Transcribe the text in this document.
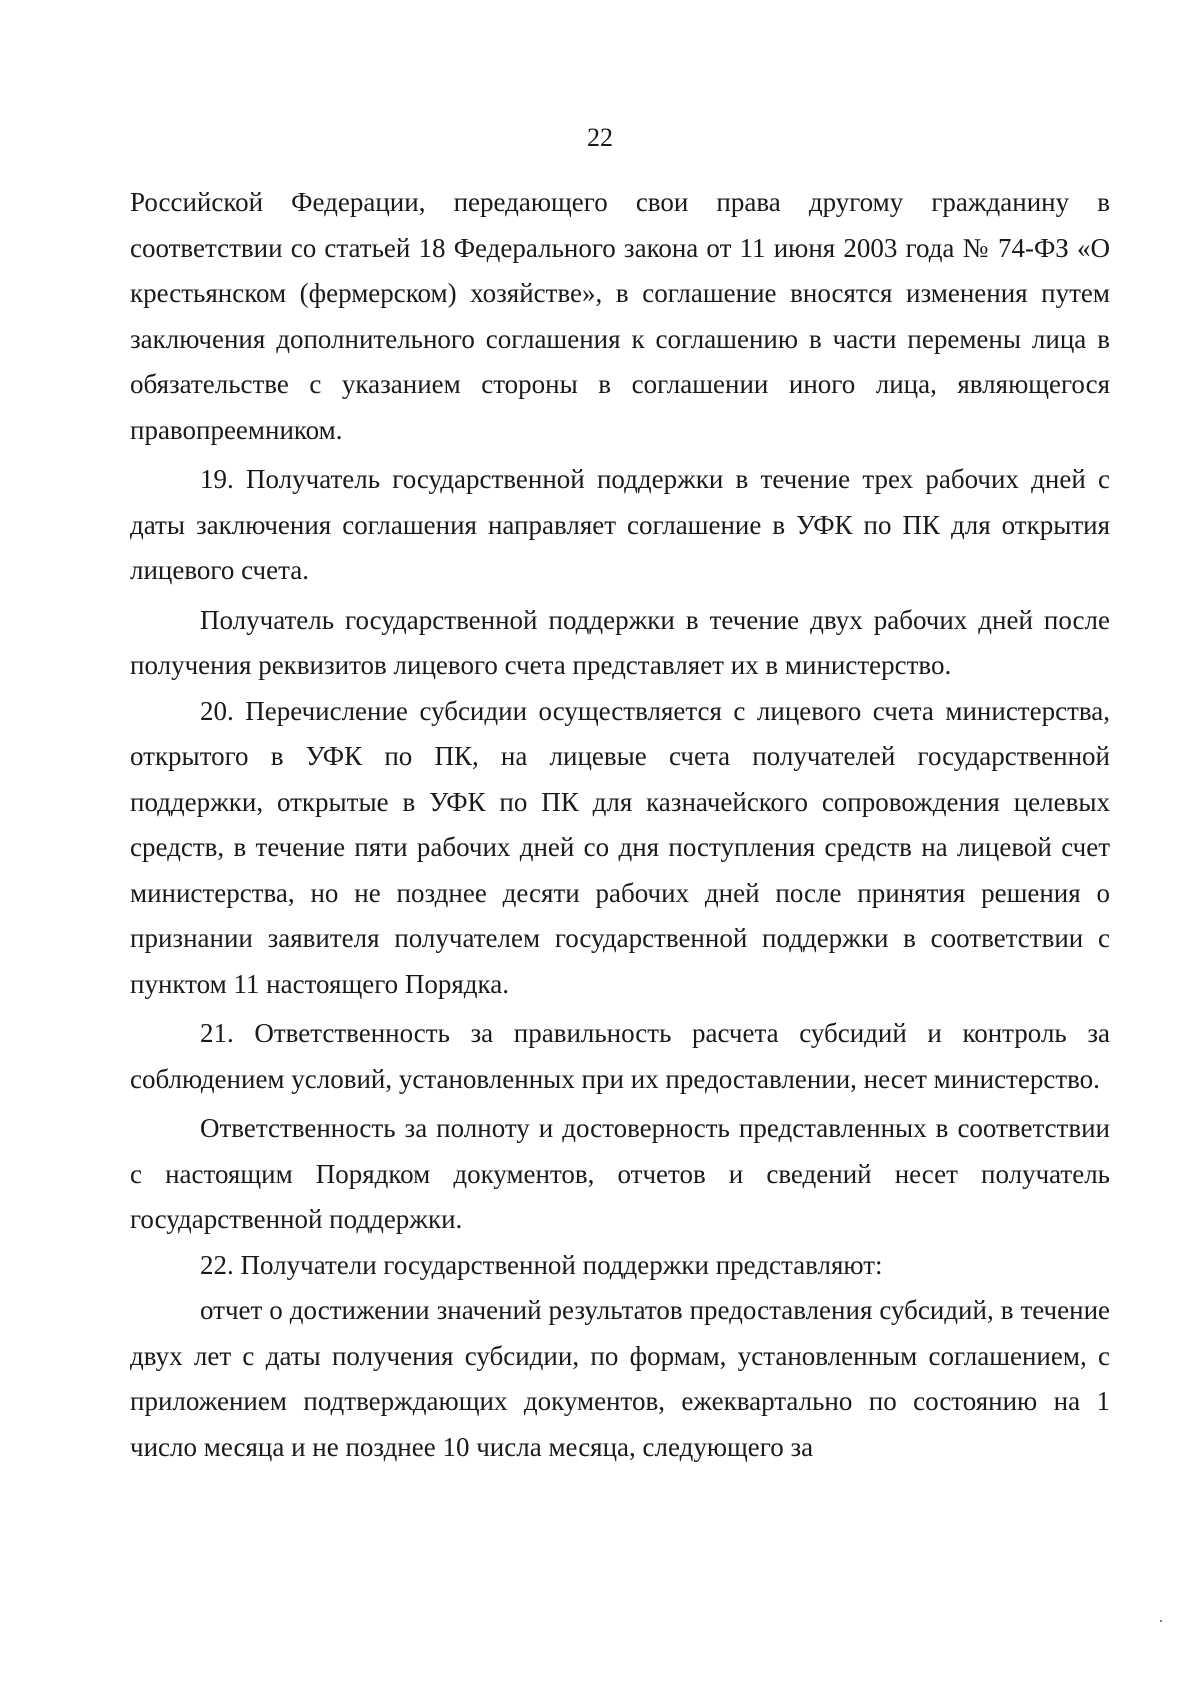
22

Российской Федерации, передающего свои права другому гражданину в соответствии со статьей 18 Федерального закона от 11 июня 2003 года № 74-ФЗ «О крестьянском (фермерском) хозяйстве», в соглашение вносятся изменения путем заключения дополнительного соглашения к соглашению в части перемены лица в обязательстве с указанием стороны в соглашении иного лица, являющегося правопреемником.

19. Получатель государственной поддержки в течение трех рабочих дней с даты заключения соглашения направляет соглашение в УФК по ПК для открытия лицевого счета.

Получатель государственной поддержки в течение двух рабочих дней после получения реквизитов лицевого счета представляет их в министерство.

20. Перечисление субсидии осуществляется с лицевого счета министерства, открытого в УФК по ПК, на лицевые счета получателей государственной поддержки, открытые в УФК по ПК для казначейского сопровождения целевых средств, в течение пяти рабочих дней со дня поступления средств на лицевой счет министерства, но не позднее десяти рабочих дней после принятия решения о признании заявителя получателем государственной поддержки в соответствии с пунктом 11 настоящего Порядка.

21. Ответственность за правильность расчета субсидий и контроль за соблюдением условий, установленных при их предоставлении, несет министерство.

Ответственность за полноту и достоверность представленных в соответствии с настоящим Порядком документов, отчетов и сведений несет получатель государственной поддержки.

22. Получатели государственной поддержки представляют:

отчет о достижении значений результатов предоставления субсидий, в течение двух лет с даты получения субсидии, по формам, установленным соглашением, с приложением подтверждающих документов, ежеквартально по состоянию на 1 число месяца и не позднее 10 числа месяца, следующего за
